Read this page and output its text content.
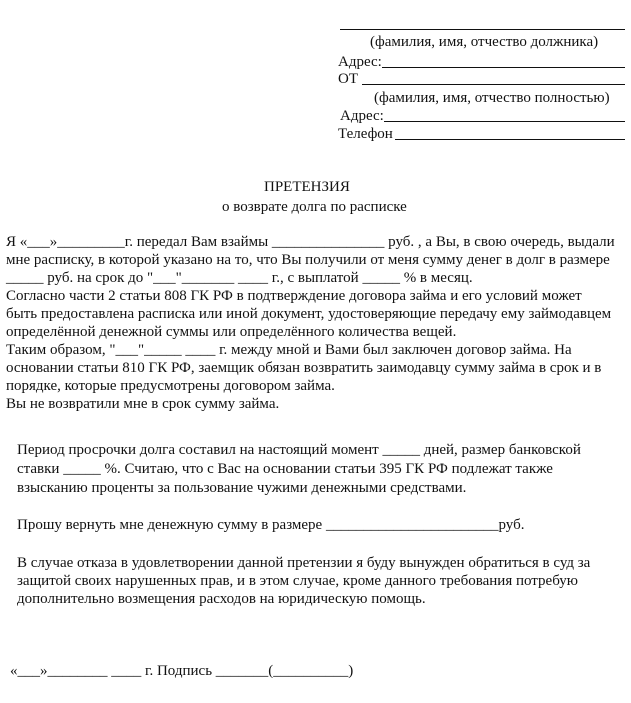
(фамилия, имя, отчество должника)
Адрес:
ОТ
(фамилия, имя, отчество полностью)
Адрес:
Телефон
ПРЕТЕНЗИЯ
о возврате долга по расписке
Я «___»_________г. передал Вам взаймы _______________ руб. , а Вы, в свою очередь, выдали
мне расписку, в которой указано на то, что Вы получили от меня сумму денег в долг в размере
_____ руб. на срок до "___"_______ ____ г., с выплатой _____ % в месяц.
Согласно части 2 статьи 808 ГК РФ в подтверждение договора займа и его условий может
быть предоставлена расписка или иной документ, удостоверяющие передачу ему займодавцем
определённой денежной суммы или определённого количества вещей.
Таким образом, "___"_____ ____ г. между мной и Вами был заключен договор займа. На
основании статьи 810 ГК РФ, заемщик обязан возвратить заимодавцу сумму займа в срок и в
порядке, которые предусмотрены договором займа.
Вы не возвратили мне в срок сумму займа.
Период просрочки долга составил на настоящий момент _____ дней, размер банковской
ставки _____ %. Считаю, что с Вас на основании статьи 395 ГК РФ подлежат также
взысканию проценты за пользование чужими денежными средствами.
Прошу вернуть мне денежную сумму в размере _______________________руб.
В случае отказа в удовлетворении данной претензии я буду вынужден обратиться в суд за
защитой своих нарушенных прав, и в этом случае, кроме данного требования потребую
дополнительно возмещения расходов на юридическую помощь.
«___»________ ____ г. Подпись _______(__________)
